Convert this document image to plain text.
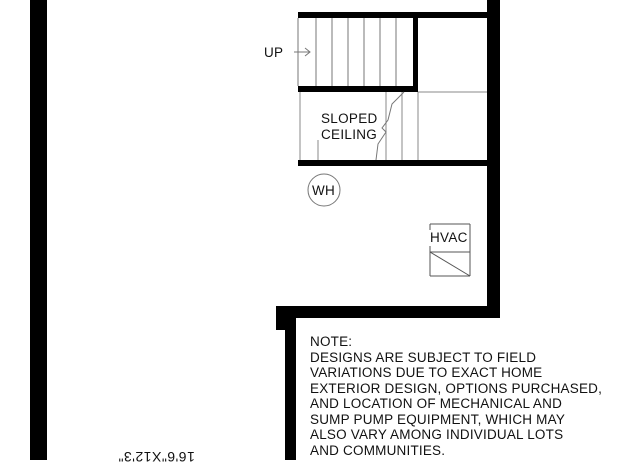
UP
SLOPED
CEILING
WH
HVAC
NOTE:
DESIGNS ARE SUBJECT TO FIELD
VARIATIONS DUE TO EXACT HOME
EXTERIOR DESIGN, OPTIONS PURCHASED,
AND LOCATION OF MECHANICAL AND
SUMP PUMP EQUIPMENT, WHICH MAY
ALSO VARY AMONG INDIVIDUAL LOTS
AND COMMUNITIES.
16'6"X12'3"
